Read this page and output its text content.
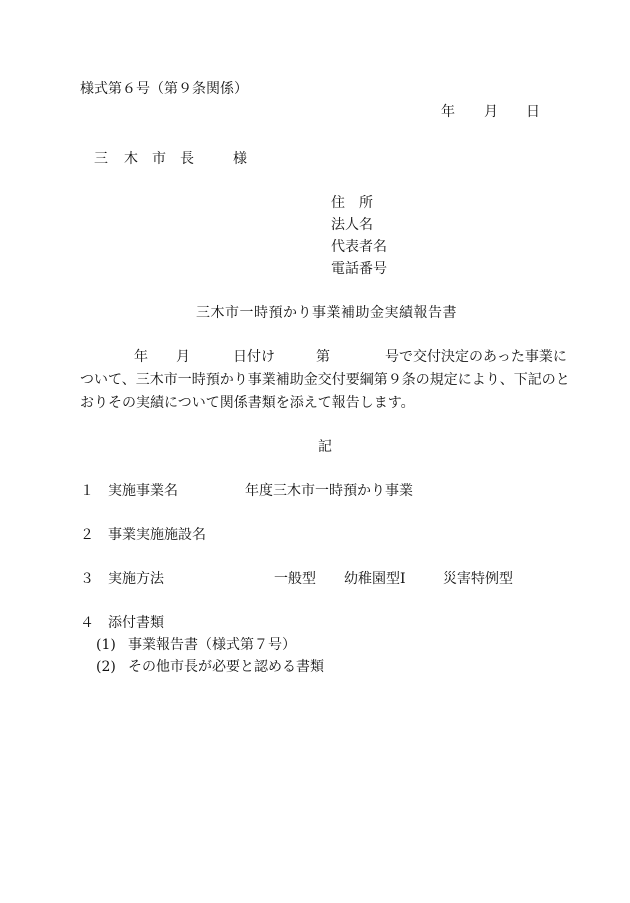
様式第６号（第９条関係）
年 月 日
三 木 市 長	様
住　所
法人名
代表者名
電話番号
三木市一時預かり事業補助金実績報告書
年 月	日付け	第	号で交付決定のあった事業に
ついて、三木市一時預かり事業補助金交付要綱第９条の規定により、下記のと
おりその実績について関係書類を添えて報告します。
記
１ 実施事業名	年度三木市一時預かり事業
２ 事業実施施設名
３ 実施方法	一般型 幼稚園型Ⅰ	災害特例型
４ 添付書類
(1) 事業報告書（様式第７号）
(2) その他市長が必要と認める書類
